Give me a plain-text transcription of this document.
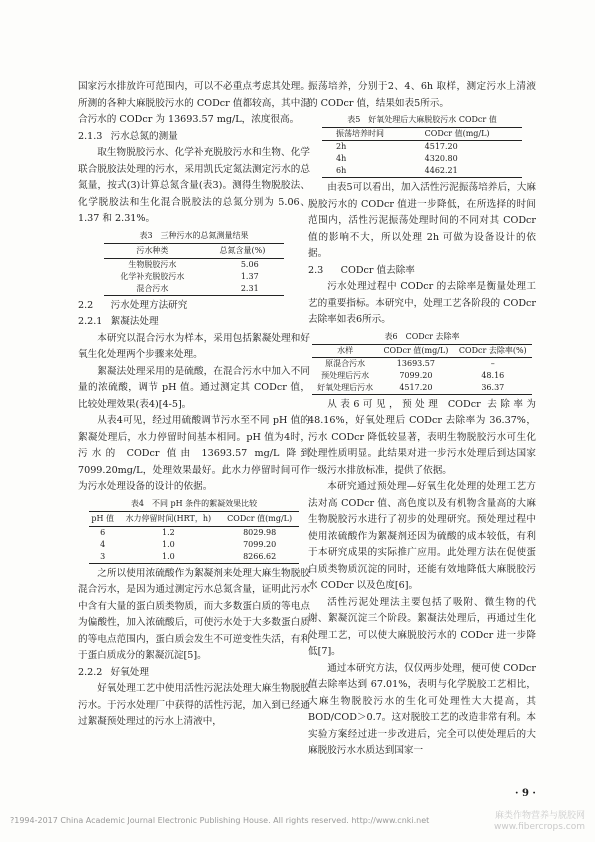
国家污水排放许可范围内，可以不必重点考虑其处理。所测的各种大麻脱胶污水的 CODcr 值都较高，其中混合污水的 CODcr 为 13693.57 mg/L，浓度很高。

2.1.3 污水总氮的测量

取生物脱胶污水、化学补充脱胶污水和生物、化学联合脱胶法处理的污水，采用凯氏定氮法测定污水的总氮量，按式(3)计算总氮含量(表3)。测得生物脱胶法、化学脱胶法和生化混合脱胶法的总氮分别为 5.06、1.37 和 2.31%。

表3　三种污水的总氮测量结果
污水种类	总氮含量(%)
生物脱胶污水	5.06
化学补充脱胶污水	1.37
混合污水	2.31
2.2 污水处理方法研究
2.2.1 絮凝法处理

本研究以混合污水为样本，采用包括絮凝处理和好氧生化处理两个步骤来处理。

絮凝法处理采用的是硫酸，在混合污水中加入不同量的浓硫酸，调节 pH 值。通过测定其 CODcr 值，比较处理效果(表4)[4-5]。

从表4可见，经过用硫酸调节污水至不同 pH 值的絮凝处理后，水力停留时间基本相同。pH 值为4时，污水的 CODcr 值由 13693.57 mg/L 降到 7099.20mg/L，处理效果最好。此水力停留时间可作为污水处理设备的设计的依据。

表4　不同 pH 条件的絮凝效果比较
pH 值	水力停留时间(HRT，h)	CODcr 值(mg/L)
6	1.2	8029.98
4	1.0	7099.20
3	1.0	8266.62

之所以使用浓硫酸作为絮凝剂来处理大麻生物脱胶混合污水，是因为通过测定污水总氮含量，证明此污水中含有大量的蛋白质类物质，而大多数蛋白质的等电点为偏酸性，加入浓硫酸后，可使污水处于大多数蛋白质的等电点范围内，蛋白质会发生不可逆变性失活，有利于蛋白质成分的絮凝沉淀[5]。

2.2.2 好氧处理

好氧处理工艺中使用活性污泥法处理大麻生物脱胶污水。于污水处理厂中获得的活性污泥，加入到已经通过絮凝预处理过的污水上清液中，

振荡培养，分别于2、4、6h 取样，测定污水上清液的 CODcr 值，结果如表5所示。

表5　好氧处理后大麻脱胶污水 CODcr 值
振荡培养时间	CODcr 值(mg/L)
2h	4517.20
4h	4320.80
6h	4462.21

由表5可以看出，加入活性污泥振荡培养后，大麻脱胶污水的 CODcr 值进一步降低，在所选择的时间范围内，活性污泥振荡处理时间的不同对其 CODcr 值的影响不大，所以处理 2h 可做为设备设计的依据。

2.3 CODcr 值去除率

污水处理过程中 CODcr 的去除率是衡量处理工艺的重要指标。本研究中，处理工艺各阶段的 CODcr 去除率如表6所示。

表6　CODcr 去除率
水样	CODcr 值(mg/L)	CODcr 去除率(%)
原混合污水	13693.57	–
预处理后污水	7099.20	48.16
好氧处理后污水	4517.20	36.37

从表6可见，预处理 CODcr 去除率为 48.16%，好氧处理后 CODcr 去除率为 36.37%，污水 CODcr 降低较显著，表明生物脱胶污水可生化处理性质明显。此结果对进一步污水处理后到达国家一级污水排放标准，提供了依据。

本研究通过预处理—好氧生化处理的处理工艺方法对高 CODcr 值、高色度以及有机物含量高的大麻生物脱胶污水进行了初步的处理研究。预处理过程中使用浓硫酸作为絮凝剂还因为硫酸的成本较低，有利于本研究成果的实际推广应用。此处理方法在促使蛋白质类物质沉淀的同时，还能有效地降低大麻脱胶污水 CODcr 以及色度[6]。

活性污泥处理法主要包括了吸附、微生物的代谢、絮凝沉淀三个阶段。絮凝法处理后，再通过生化处理工艺，可以使大麻脱胶污水的 CODcr 进一步降低[7]。

通过本研究方法，仅仅两步处理，便可使 CODcr 值去除率达到 67.01%，表明与化学脱胶工艺相比，大麻生物脱胶污水的生化可处理性大大提高，其 BOD/COD＞0.7。这对脱胶工艺的改造非常有利。本实验方案经过进一步改进后，完全可以使处理后的大麻脱胶污水水质达到国家一

· 9 ·
?1994-2017 China Academic Journal Electronic Publishing House. All rights reserved. http://www.cnki.net	麻类作物营养与脱胶网
www.fibercrops.com
